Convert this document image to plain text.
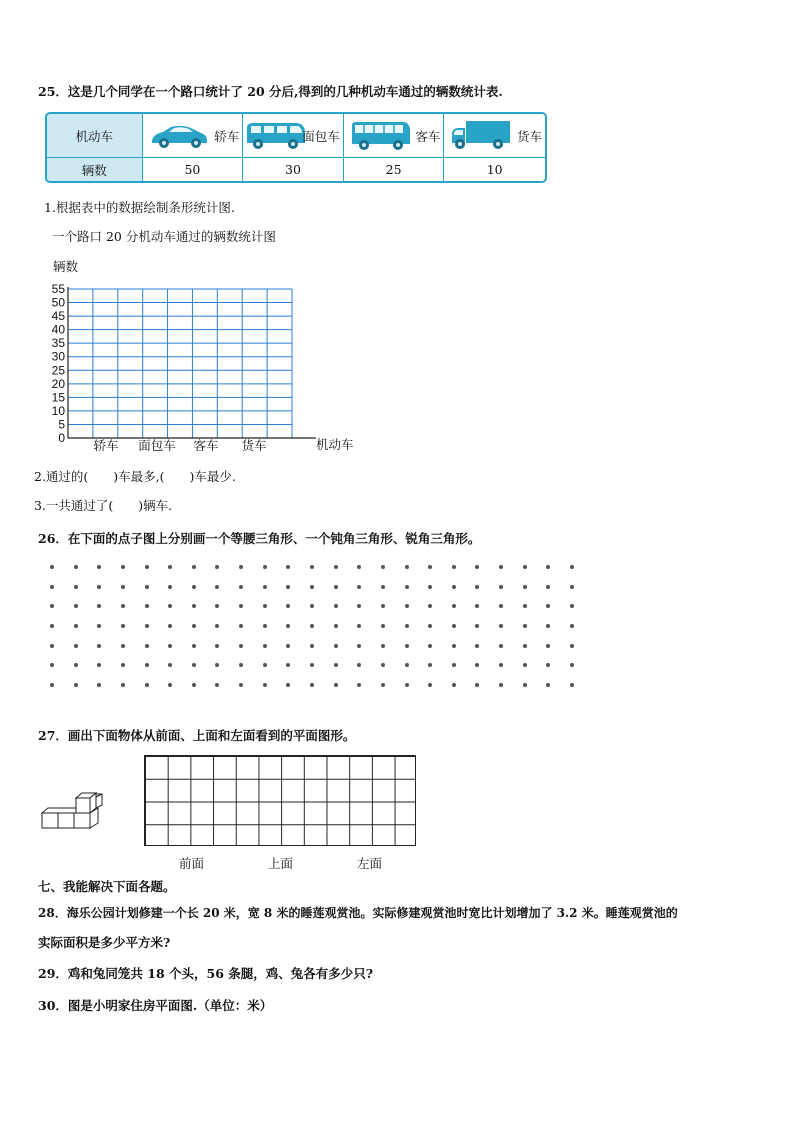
25．这是几个同学在一个路口统计了 20 分后,得到的几种机动车通过的辆数统计表.
机动车	轿车	面包车	客车	货车
辆数	50	30	25	10
1.根据表中的数据绘制条形统计图.
一个路口 20 分机动车通过的辆数统计图
辆数
0
5
10
15
20
25
30
35
40
45
50
55
轿车 面包车 客车 货车	机动车
2.通过的(　　)车最多,(　　)车最少.
3.一共通过了(　　)辆车.
26．在下面的点子图上分别画一个等腰三角形、一个钝角三角形、锐角三角形。
27．画出下面物体从前面、上面和左面看到的平面图形。
前面	上面	左面
七、我能解决下面各题。
28．海乐公园计划修建一个长 20 米，宽 8 米的睡莲观赏池。实际修建观赏池时宽比计划增加了 3.2 米。睡莲观赏池的
实际面积是多少平方米?
29．鸡和兔同笼共 18 个头，56 条腿，鸡、兔各有多少只?
30．图是小明家住房平面图.（单位：米）
